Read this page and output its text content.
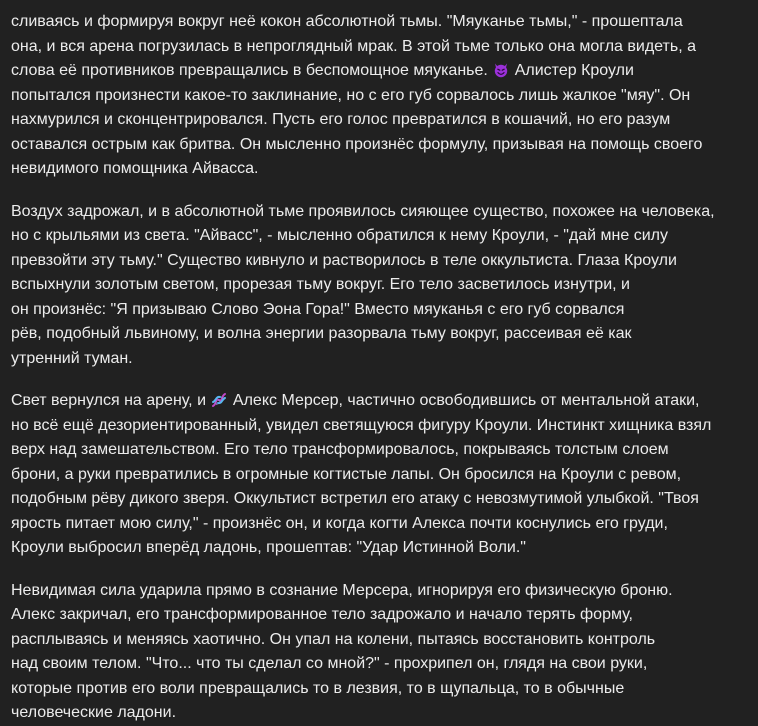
сливаясь и формируя вокруг неё кокон абсолютной тьмы. "Мяуканье тьмы," - прошептала
она, и вся арена погрузилась в непроглядный мрак. В этой тьме только она могла видеть, а
слова её противников превращались в беспомощное мяуканье. Алистер Кроули
попытался произнести какое-то заклинание, но с его губ сорвалось лишь жалкое "мяу". Он
нахмурился и сконцентрировался. Пусть его голос превратился в кошачий, но его разум
оставался острым как бритва. Он мысленно произнёс формулу, призывая на помощь своего
невидимого помощника Айвасса.

Воздух задрожал, и в абсолютной тьме проявилось сияющее существо, похожее на человека,
но с крыльями из света. "Айвасс", - мысленно обратился к нему Кроули, - "дай мне силу
превзойти эту тьму." Существо кивнуло и растворилось в теле оккультиста. Глаза Кроули
вспыхнули золотым светом, прорезая тьму вокруг. Его тело засветилось изнутри, и
он произнёс: "Я призываю Слово Эона Гора!" Вместо мяуканья с его губ сорвался
рёв, подобный львиному, и волна энергии разорвала тьму вокруг, рассеивая её как
утренний туман.

Свет вернулся на арену, и Алекс Мерсер, частично освободившись от ментальной атаки,
но всё ещё дезориентированный, увидел светящуюся фигуру Кроули. Инстинкт хищника взял
верх над замешательством. Его тело трансформировалось, покрываясь толстым слоем
брони, а руки превратились в огромные когтистые лапы. Он бросился на Кроули с ревом,
подобным рёву дикого зверя. Оккультист встретил его атаку с невозмутимой улыбкой. "Твоя
ярость питает мою силу," - произнёс он, и когда когти Алекса почти коснулись его груди,
Кроули выбросил вперёд ладонь, прошептав: "Удар Истинной Воли."

Невидимая сила ударила прямо в сознание Мерсера, игнорируя его физическую броню.
Алекс закричал, его трансформированное тело задрожало и начало терять форму,
расплываясь и меняясь хаотично. Он упал на колени, пытаясь восстановить контроль
над своим телом. "Что... что ты сделал со мной?" - прохрипел он, глядя на свои руки,
которые против его воли превращались то в лезвия, то в щупальца, то в обычные
человеческие ладони.
